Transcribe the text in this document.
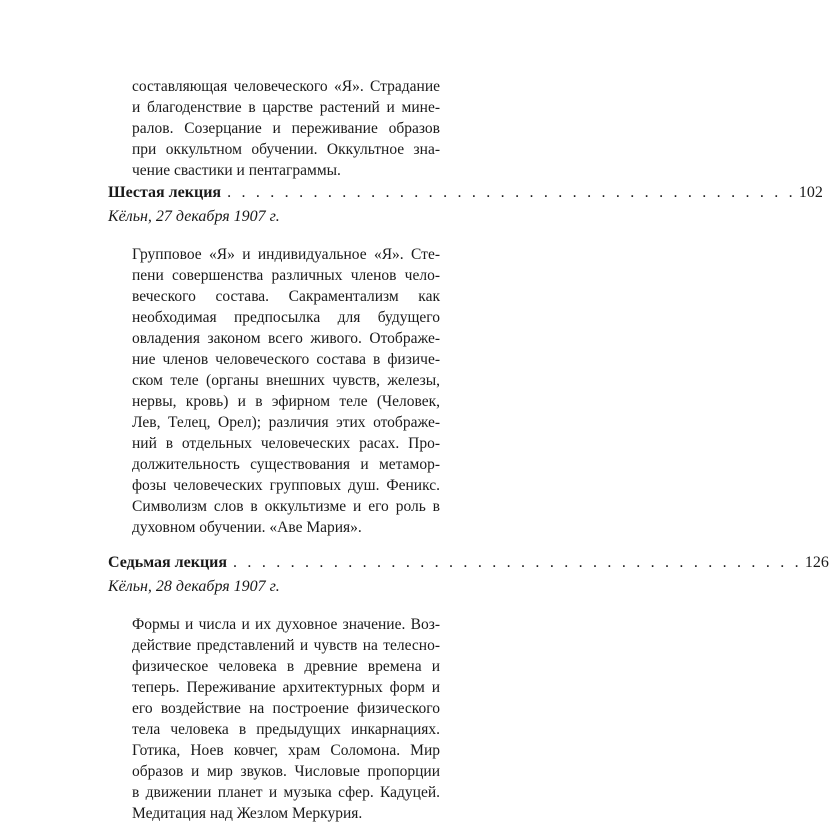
составляющая человеческого «Я». Страдание
и благоденствие в царстве растений и мине-
ралов. Созерцание и переживание образов
при оккультном обучении. Оккультное зна-
чение свастики и пентаграммы.
Шестая лекция . . . . . . . . . . . . . . . . . . . . . . . . . . . . . . . . . . . . . . . . 102
Кёльн, 27 декабря 1907 г.
Групповое «Я» и индивидуальное «Я». Сте-
пени совершенства различных членов чело-
веческого состава. Сакраментализм как
необходимая предпосылка для будущего
овладения законом всего живого. Отображе-
ние членов человеческого состава в физиче-
ском теле (органы внешних чувств, железы,
нервы, кровь) и в эфирном теле (Человек,
Лев, Телец, Орел); различия этих отображе-
ний в отдельных человеческих расах. Про-
должительность существования и метамор-
фозы человеческих групповых душ. Феникс.
Символизм слов в оккультизме и его роль в
духовном обучении. «Аве Мария».
Седьмая лекция . . . . . . . . . . . . . . . . . . . . . . . . . . . . . . . . . . . . . . . . 126
Кёльн, 28 декабря 1907 г.
Формы и числа и их духовное значение. Воз-
действие представлений и чувств на телесно-
физическое человека в древние времена и
теперь. Переживание архитектурных форм и
его воздействие на построение физического
тела человека в предыдущих инкарнациях.
Готика, Ноев ковчег, храм Соломона. Мир
образов и мир звуков. Числовые пропорции
в движении планет и музыка сфер. Кадуцей.
Медитация над Жезлом Меркурия.
